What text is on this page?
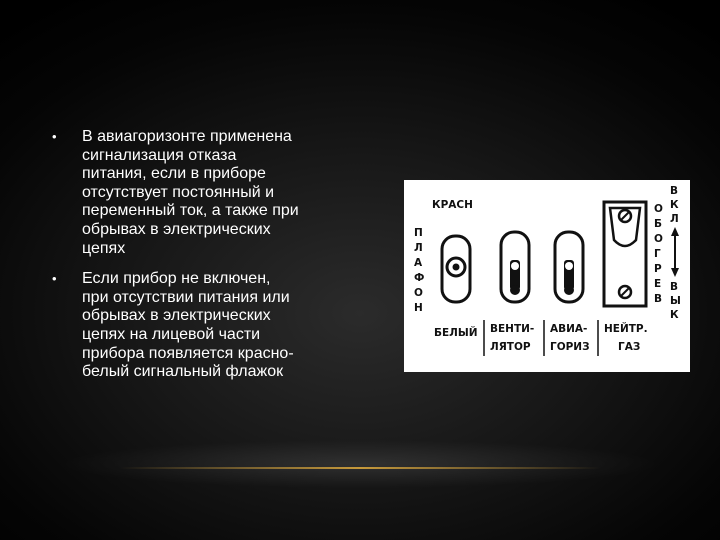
• В авиагоризонте применена
сигнализация отказа
питания, если в приборе
отсутствует постоянный и
переменный ток, а также при
обрывах в электрических
цепях
• Если прибор не включен,
при отсутствии питания или
обрывах в электрических
цепях на лицевой части
прибора появляется красно-
белый сигнальный флажок
КРАСН
П
Л
А
Ф
О
Н
О
Б
О
Г
Р
Е
В
В
К
Л
В
Ы
К
БЕЛЫЙ ВЕНТИ-
ЛЯТОР
АВИА-
ГОРИЗ
НЕЙТР.
ГАЗ
